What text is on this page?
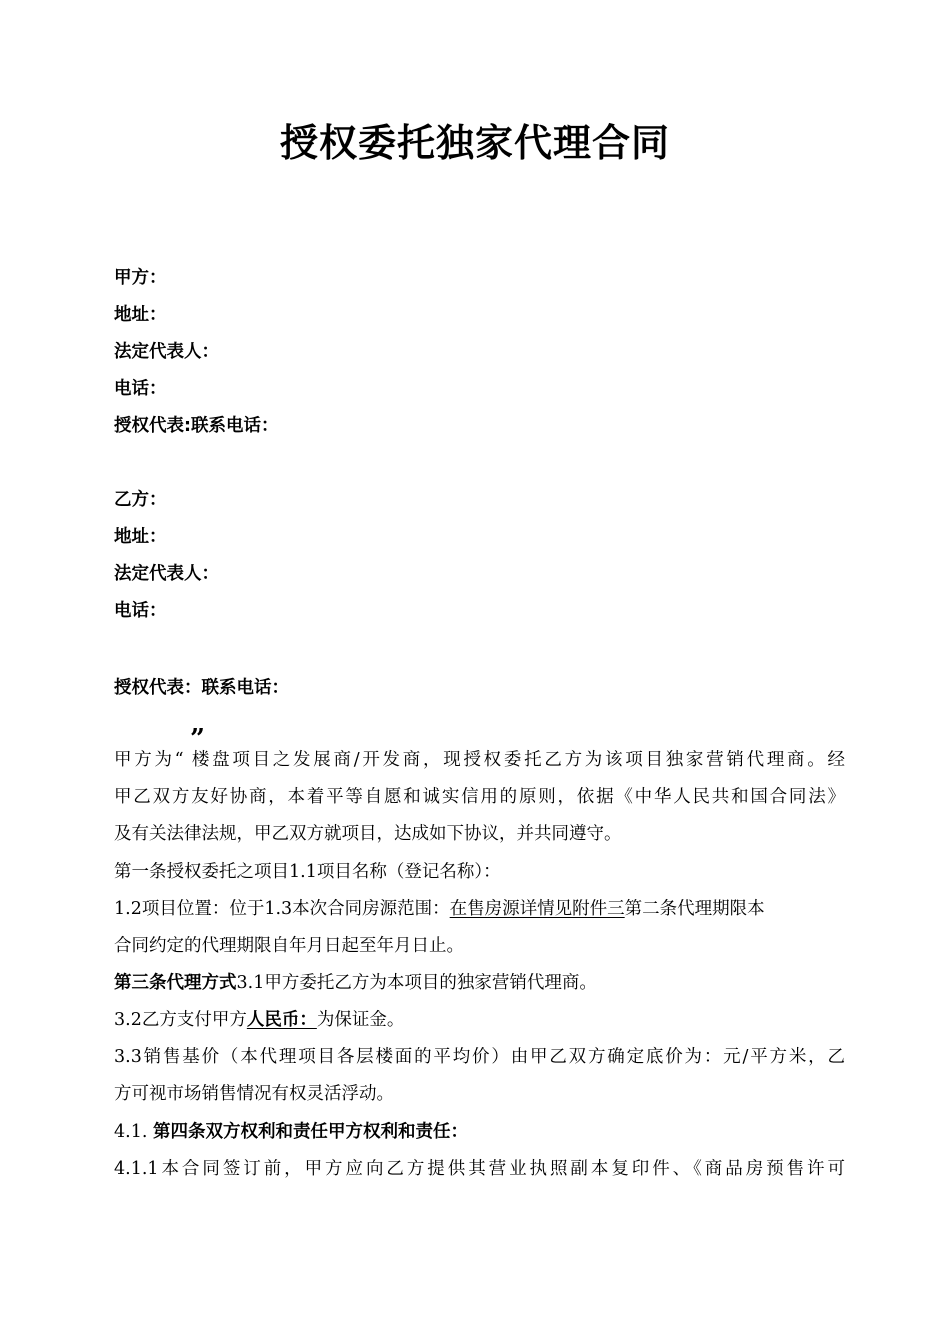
授权委托独家代理合同
甲方：
地址：
法定代表人：
电话：
授权代表:联系电话：
乙方：
地址：
法定代表人：
电话：
授权代表：联系电话：
”
甲方为“ 楼盘项目之发展商/开发商，现授权委托乙方为该项目独家营销代理商。经
甲乙双方友好协商，本着平等自愿和诚实信用的原则，依据《中华人民共和国合同法》
及有关法律法规，甲乙双方就项目，达成如下协议，并共同遵守。
第一条授权委托之项目1.1项目名称（登记名称）：
1.2项目位置：位于1.3本次合同房源范围：在售房源详情见附件三第二条代理期限本
合同约定的代理期限自年月日起至年月日止。
第三条代理方式3.1甲方委托乙方为本项目的独家营销代理商。
3.2乙方支付甲方人民币：为保证金。
3.3销售基价（本代理项目各层楼面的平均价）由甲乙双方确定底价为：元/平方米，乙
方可视市场销售情况有权灵活浮动。
4.1. 第四条双方权利和责任甲方权利和责任：
4.1.1本合同签订前，甲方应向乙方提供其营业执照副本复印件、《商品房预售许可
